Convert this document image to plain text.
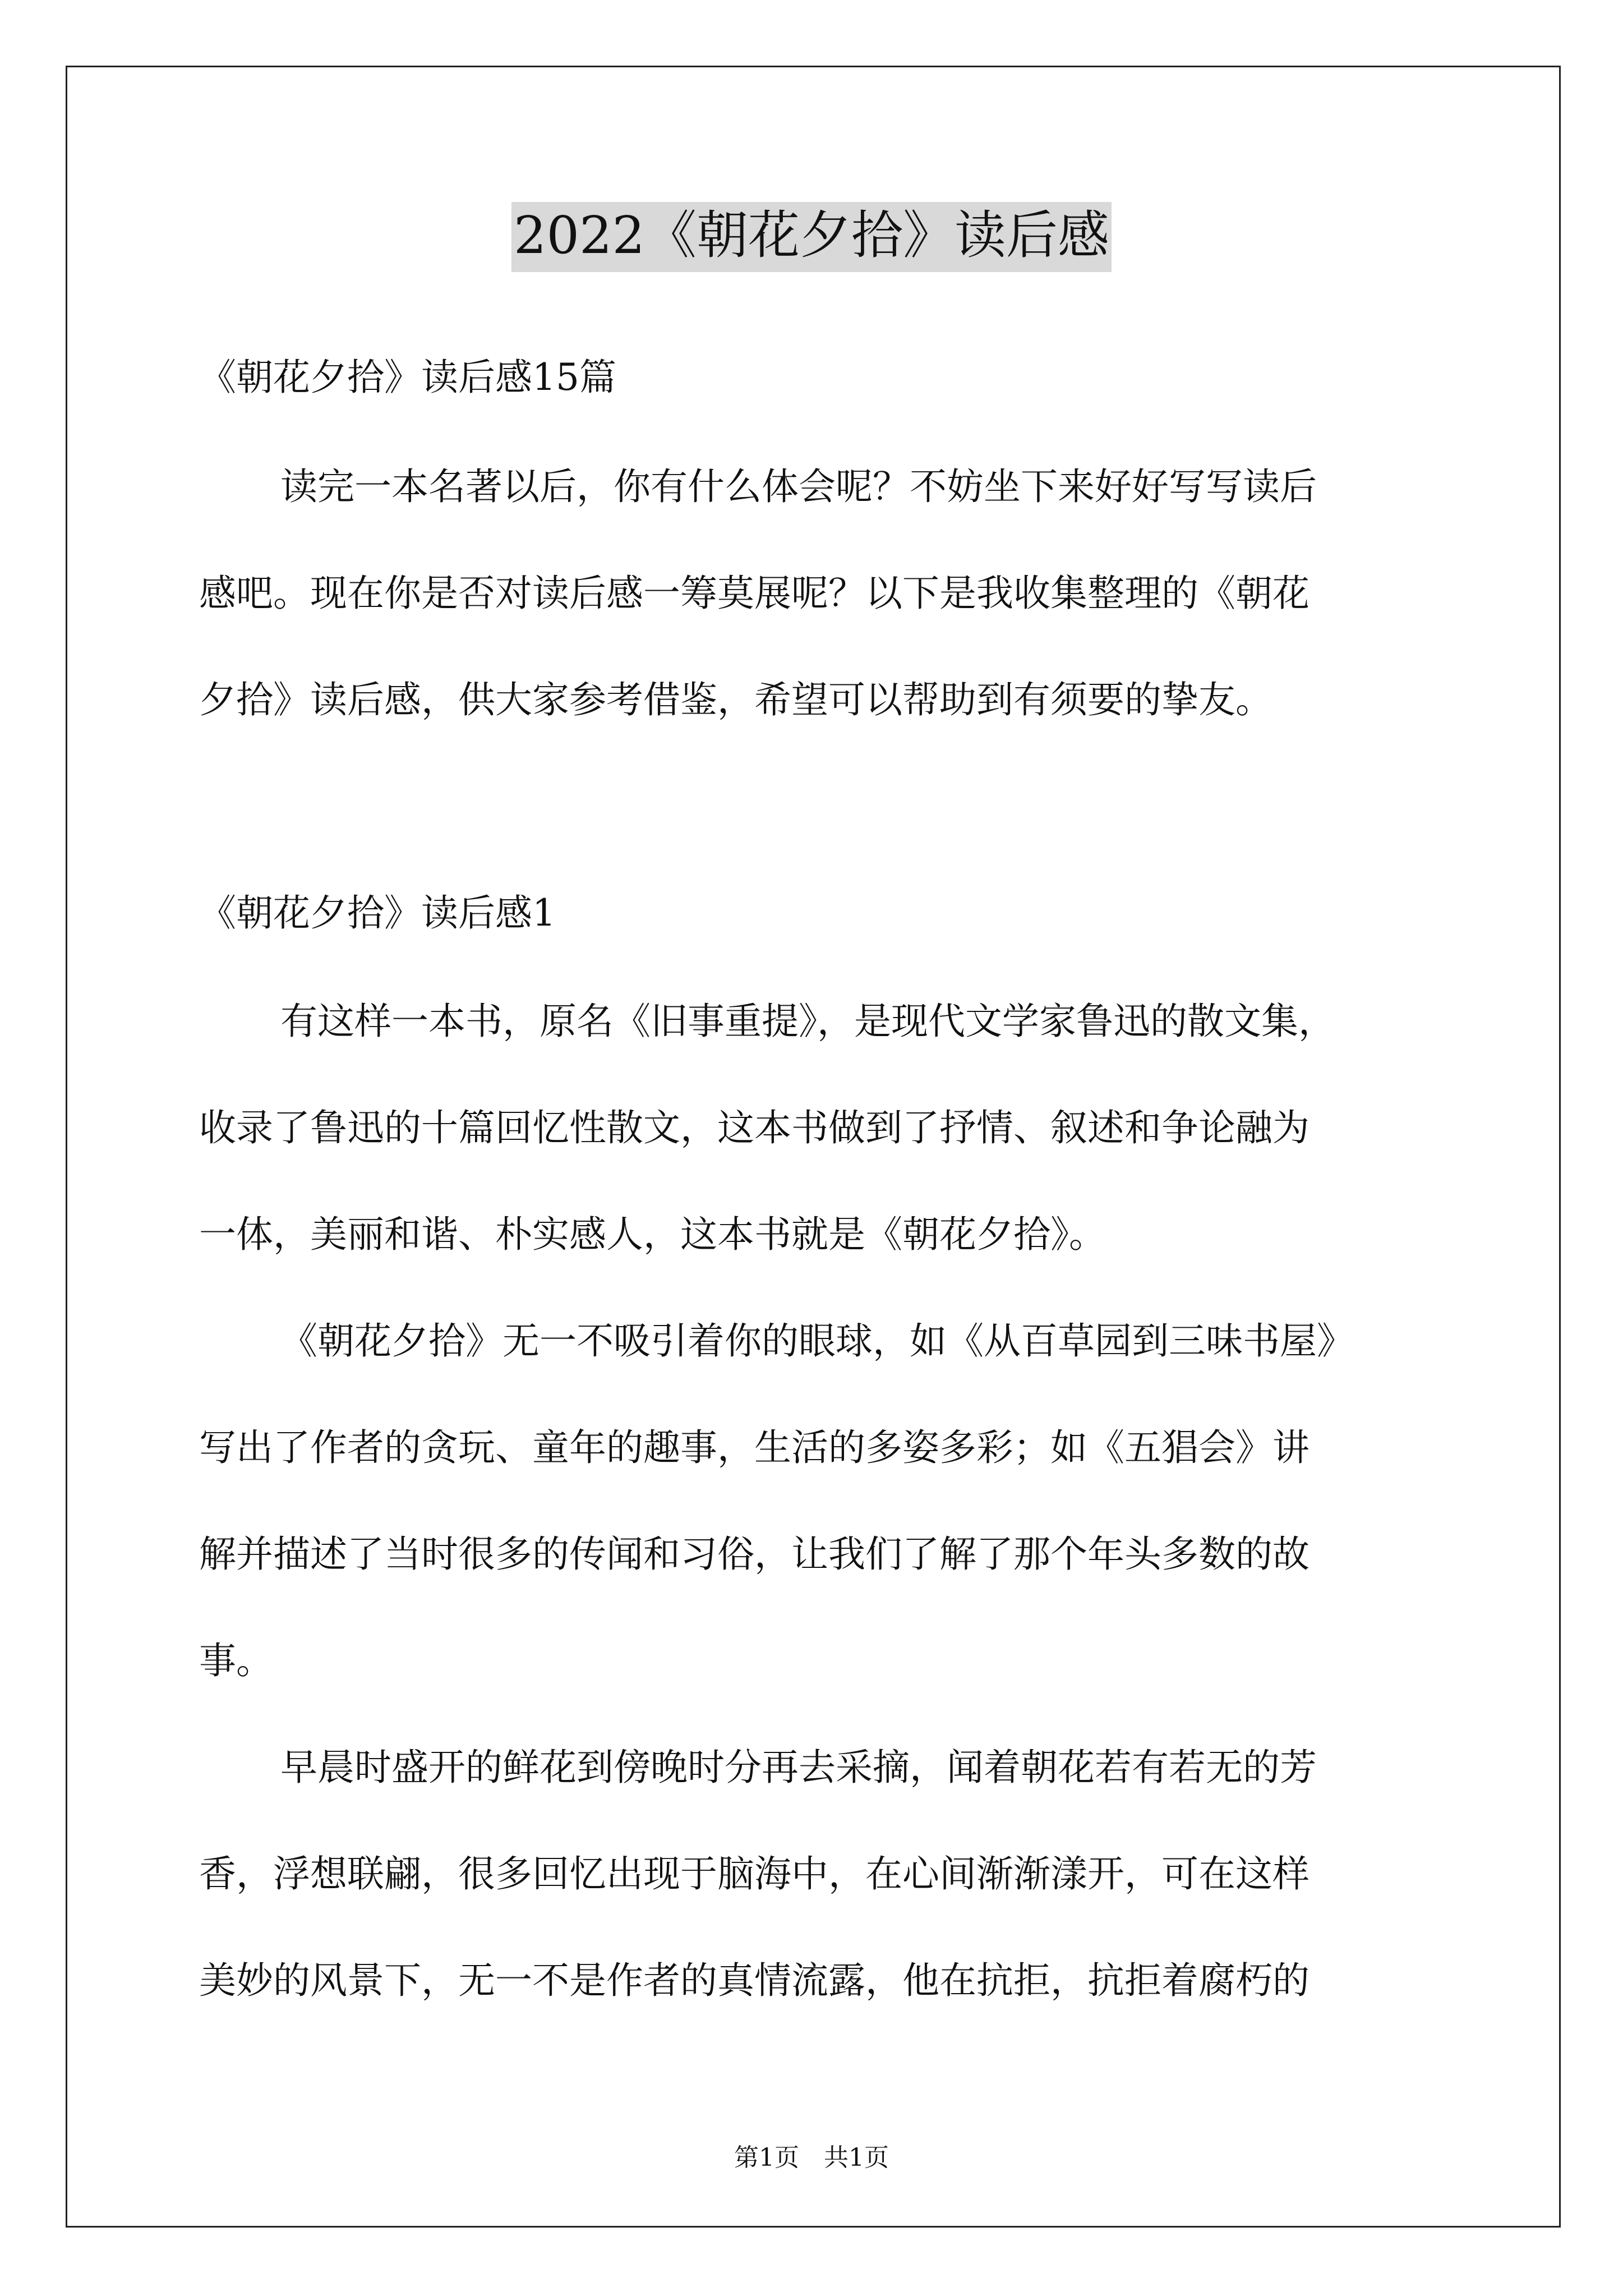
2022《朝花夕拾》读后感
《朝花夕拾》读后感15篇
读完一本名著以后，你有什么体会呢？不妨坐下来好好写写读后
感吧。现在你是否对读后感一筹莫展呢？以下是我收集整理的《朝花
夕拾》读后感，供大家参考借鉴，希望可以帮助到有须要的挚友。
《朝花夕拾》读后感1
有这样一本书，原名《旧事重提》，是现代文学家鲁迅的散文集，
收录了鲁迅的十篇回忆性散文，这本书做到了抒情、叙述和争论融为
一体，美丽和谐、朴实感人，这本书就是《朝花夕拾》。
《朝花夕拾》无一不吸引着你的眼球，如《从百草园到三味书屋》
写出了作者的贪玩、童年的趣事，生活的多姿多彩；如《五猖会》讲
解并描述了当时很多的传闻和习俗，让我们了解了那个年头多数的故
事。
早晨时盛开的鲜花到傍晚时分再去采摘，闻着朝花若有若无的芳
香，浮想联翩，很多回忆出现于脑海中，在心间渐渐漾开，可在这样
美妙的风景下，无一不是作者的真情流露，他在抗拒，抗拒着腐朽的
第1页　共1页
